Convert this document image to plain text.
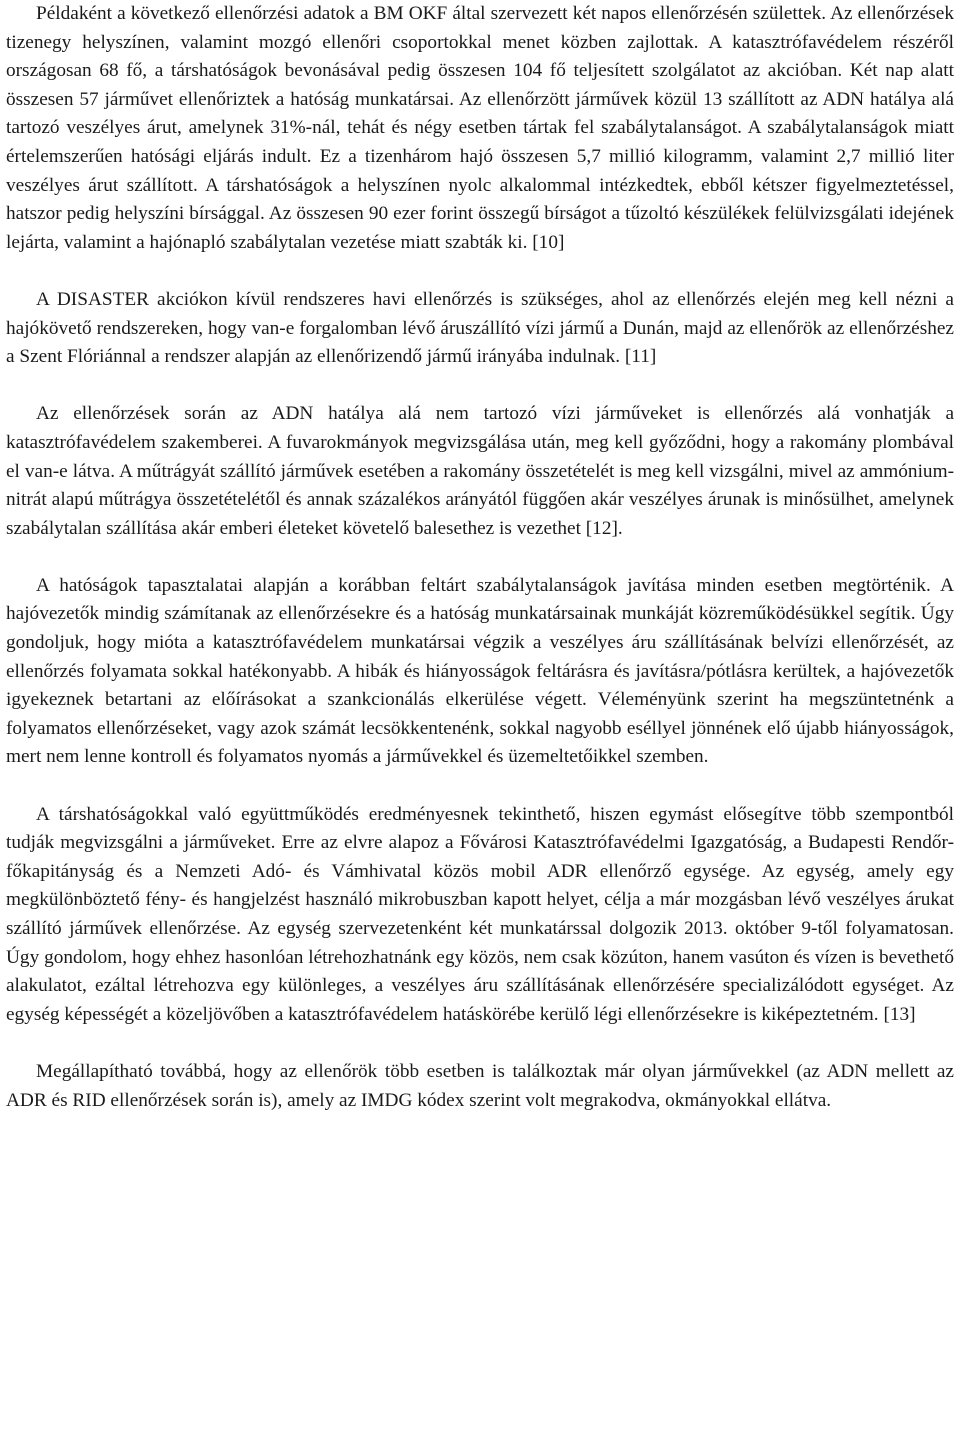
Példaként a következő ellenőrzési adatok a BM OKF által szervezett két napos ellenőrzésén születtek. Az ellenőrzések tizenegy helyszínen, valamint mozgó ellenőri csoportokkal menet közben zajlottak. A katasztrófavédelem részéről országosan 68 fő, a társhatóságok bevonásával pedig összesen 104 fő teljesített szolgálatot az akcióban. Két nap alatt összesen 57 járművet ellenőriztek a hatóság munkatársai. Az ellenőrzött járművek közül 13 szállított az ADN hatálya alá tartozó veszélyes árut, amelynek 31%-nál, tehát és négy esetben tártak fel szabálytalanságot. A szabálytalanságok miatt értelemszerűen hatósági eljárás indult. Ez a tizenhárom hajó összesen 5,7 millió kilogramm, valamint 2,7 millió liter veszélyes árut szállított. A társhatóságok a helyszínen nyolc alkalommal intézkedtek, ebből kétszer figyelmeztetéssel, hatszor pedig helyszíni bírsággal. Az összesen 90 ezer forint összegű bírságot a tűzoltó készülékek felülvizsgálati idejének lejárta, valamint a hajónapló szabálytalan vezetése miatt szabták ki. [10]

A DISASTER akciókon kívül rendszeres havi ellenőrzés is szükséges, ahol az ellenőrzés elején meg kell nézni a hajókövető rendszereken, hogy van-e forgalomban lévő áruszállító vízi jármű a Dunán, majd az ellenőrök az ellenőrzéshez a Szent Flóriánnal a rendszer alapján az ellenőrizendő jármű irányába indulnak. [11]

Az ellenőrzések során az ADN hatálya alá nem tartozó vízi járműveket is ellenőrzés alá vonhatják a katasztrófavédelem szakemberei. A fuvarokmányok megvizsgálása után, meg kell győződni, hogy a rakomány plombával el van-e látva. A műtrágyát szállító járművek esetében a rakomány összetételét is meg kell vizsgálni, mivel az ammónium-nitrát alapú műtrágya összetételétől és annak százalékos arányától függően akár veszélyes árunak is minősülhet, amelynek szabálytalan szállítása akár emberi életeket követelő balesethez is vezethet [12].

A hatóságok tapasztalatai alapján a korábban feltárt szabálytalanságok javítása minden esetben megtörténik. A hajóvezetők mindig számítanak az ellenőrzésekre és a hatóság munkatársainak munkáját közreműködésükkel segítik. Úgy gondoljuk, hogy mióta a katasztrófavédelem munkatársai végzik a veszélyes áru szállításának belvízi ellenőrzését, az ellenőrzés folyamata sokkal hatékonyabb. A hibák és hiányosságok feltárásra és javításra/pótlásra kerültek, a hajóvezetők igyekeznek betartani az előírásokat a szankcionálás elkerülése végett. Véleményünk szerint ha megszüntetnénk a folyamatos ellenőrzéseket, vagy azok számát lecsökkentenénk, sokkal nagyobb eséllyel jönnének elő újabb hiányosságok, mert nem lenne kontroll és folyamatos nyomás a járművekkel és üzemeltetőikkel szemben.

A társhatóságokkal való együttműködés eredményesnek tekinthető, hiszen egymást elősegítve több szempontból tudják megvizsgálni a járműveket. Erre az elvre alapoz a Fővárosi Katasztrófavédelmi Igazgatóság, a Budapesti Rendőr-főkapitányság és a Nemzeti Adó- és Vámhivatal közös mobil ADR ellenőrző egysége. Az egység, amely egy megkülönböztető fény- és hangjelzést használó mikrobuszban kapott helyet, célja a már mozgásban lévő veszélyes árukat szállító járművek ellenőrzése. Az egység szervezetenként két munkatárssal dolgozik 2013. október 9-től folyamatosan. Úgy gondolom, hogy ehhez hasonlóan létrehozhatnánk egy közös, nem csak közúton, hanem vasúton és vízen is bevethető alakulatot, ezáltal létrehozva egy különleges, a veszélyes áru szállításának ellenőrzésére specializálódott egységet. Az egység képességét a közeljövőben a katasztrófavédelem hatáskörébe kerülő légi ellenőrzésekre is kiképeztetném. [13]

Megállapítható továbbá, hogy az ellenőrök több esetben is találkoztak már olyan járművekkel (az ADN mellett az ADR és RID ellenőrzések során is), amely az IMDG kódex szerint volt megrakodva, okmányokkal ellátva.
